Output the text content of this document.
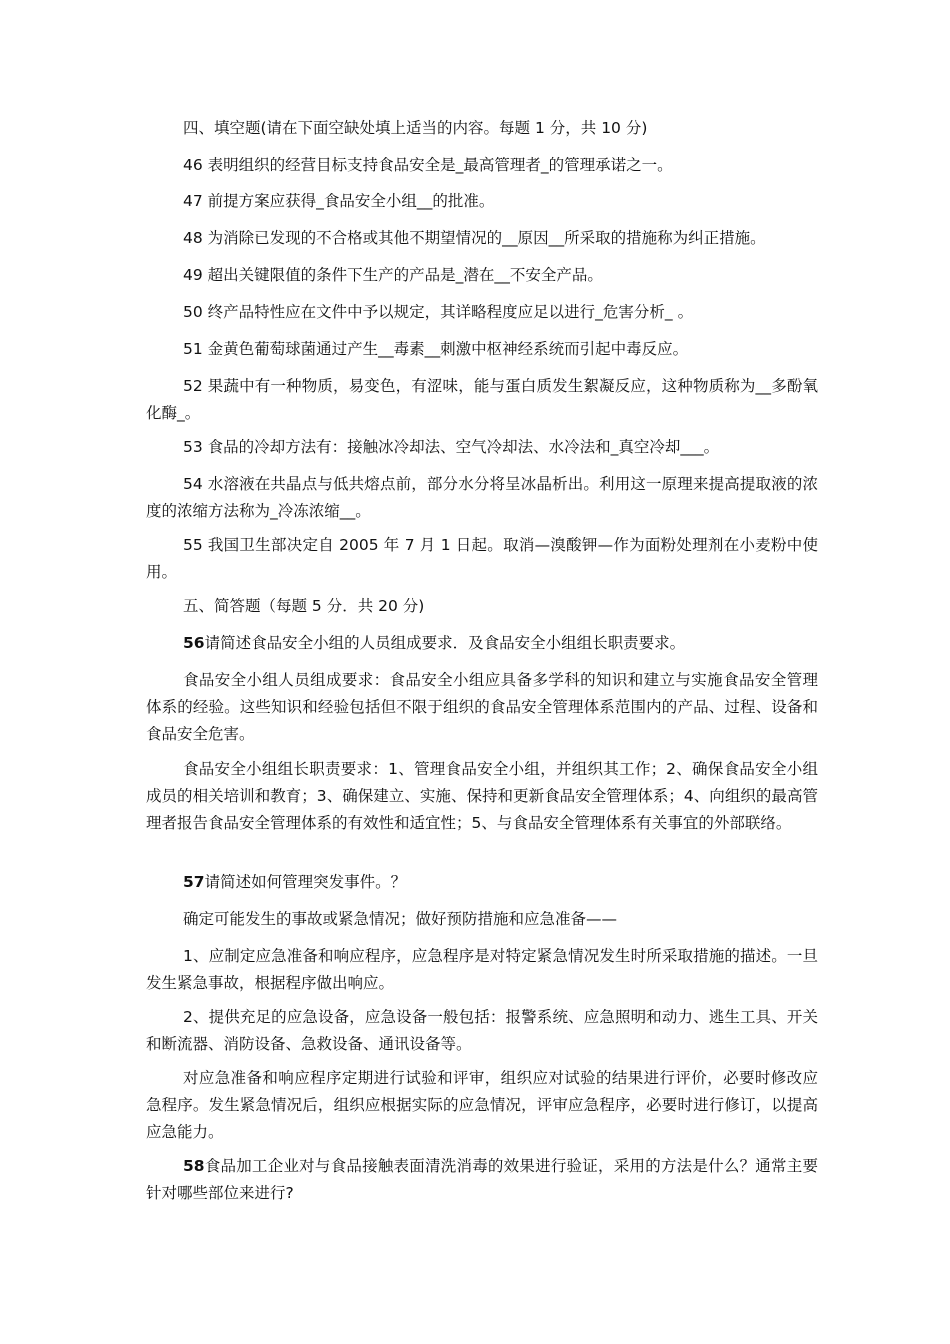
四、填空题(请在下面空缺处填上适当的内容。每题 1 分，共 10 分)

46 表明组织的经营目标支持食品安全是_最高管理者_的管理承诺之一。

47 前提方案应获得_食品安全小组__的批准。

48 为消除已发现的不合格或其他不期望情况的__原因__所采取的措施称为纠正措施。

49 超出关键限值的条件下生产的产品是_潜在__不安全产品。

50 终产品特性应在文件中予以规定，其详略程度应足以进行_危害分析_ 。

51 金黄色葡萄球菌通过产生__毒素__刺激中枢神经系统而引起中毒反应。

52 果蔬中有一种物质，易变色，有涩味，能与蛋白质发生絮凝反应，这种物质称为__多酚氧化酶_。

53 食品的冷却方法有：接触冰冷却法、空气冷却法、水冷法和_真空冷却___。

54 水溶液在共晶点与低共熔点前，部分水分将呈冰晶析出。利用这一原理来提高提取液的浓度的浓缩方法称为_冷冻浓缩__。

55 我国卫生部决定自 2005 年 7 月 1 日起。取消—溴酸钾—作为面粉处理剂在小麦粉中使用。

五、简答题（每题 5 分．共 20 分)

56请简述食品安全小组的人员组成要求．及食品安全小组组长职责要求。

食品安全小组人员组成要求：食品安全小组应具备多学科的知识和建立与实施食品安全管理体系的经验。这些知识和经验包括但不限于组织的食品安全管理体系范围内的产品、过程、设备和食品安全危害。

食品安全小组组长职责要求：1、管理食品安全小组，并组织其工作；2、确保食品安全小组成员的相关培训和教育；3、确保建立、实施、保持和更新食品安全管理体系；4、向组织的最高管理者报告食品安全管理体系的有效性和适宜性；5、与食品安全管理体系有关事宜的外部联络。

57请简述如何管理突发事件。？

确定可能发生的事故或紧急情况；做好预防措施和应急准备——

1、应制定应急准备和响应程序，应急程序是对特定紧急情况发生时所采取措施的描述。一旦发生紧急事故，根据程序做出响应。

2、提供充足的应急设备，应急设备一般包括：报警系统、应急照明和动力、逃生工具、开关和断流器、消防设备、急救设备、通讯设备等。

对应急准备和响应程序定期进行试验和评审，组织应对试验的结果进行评价，必要时修改应急程序。发生紧急情况后，组织应根据实际的应急情况，评审应急程序，必要时进行修订，以提高应急能力。

58食品加工企业对与食品接触表面清洗消毒的效果进行验证，采用的方法是什么？通常主要针对哪些部位来进行?
